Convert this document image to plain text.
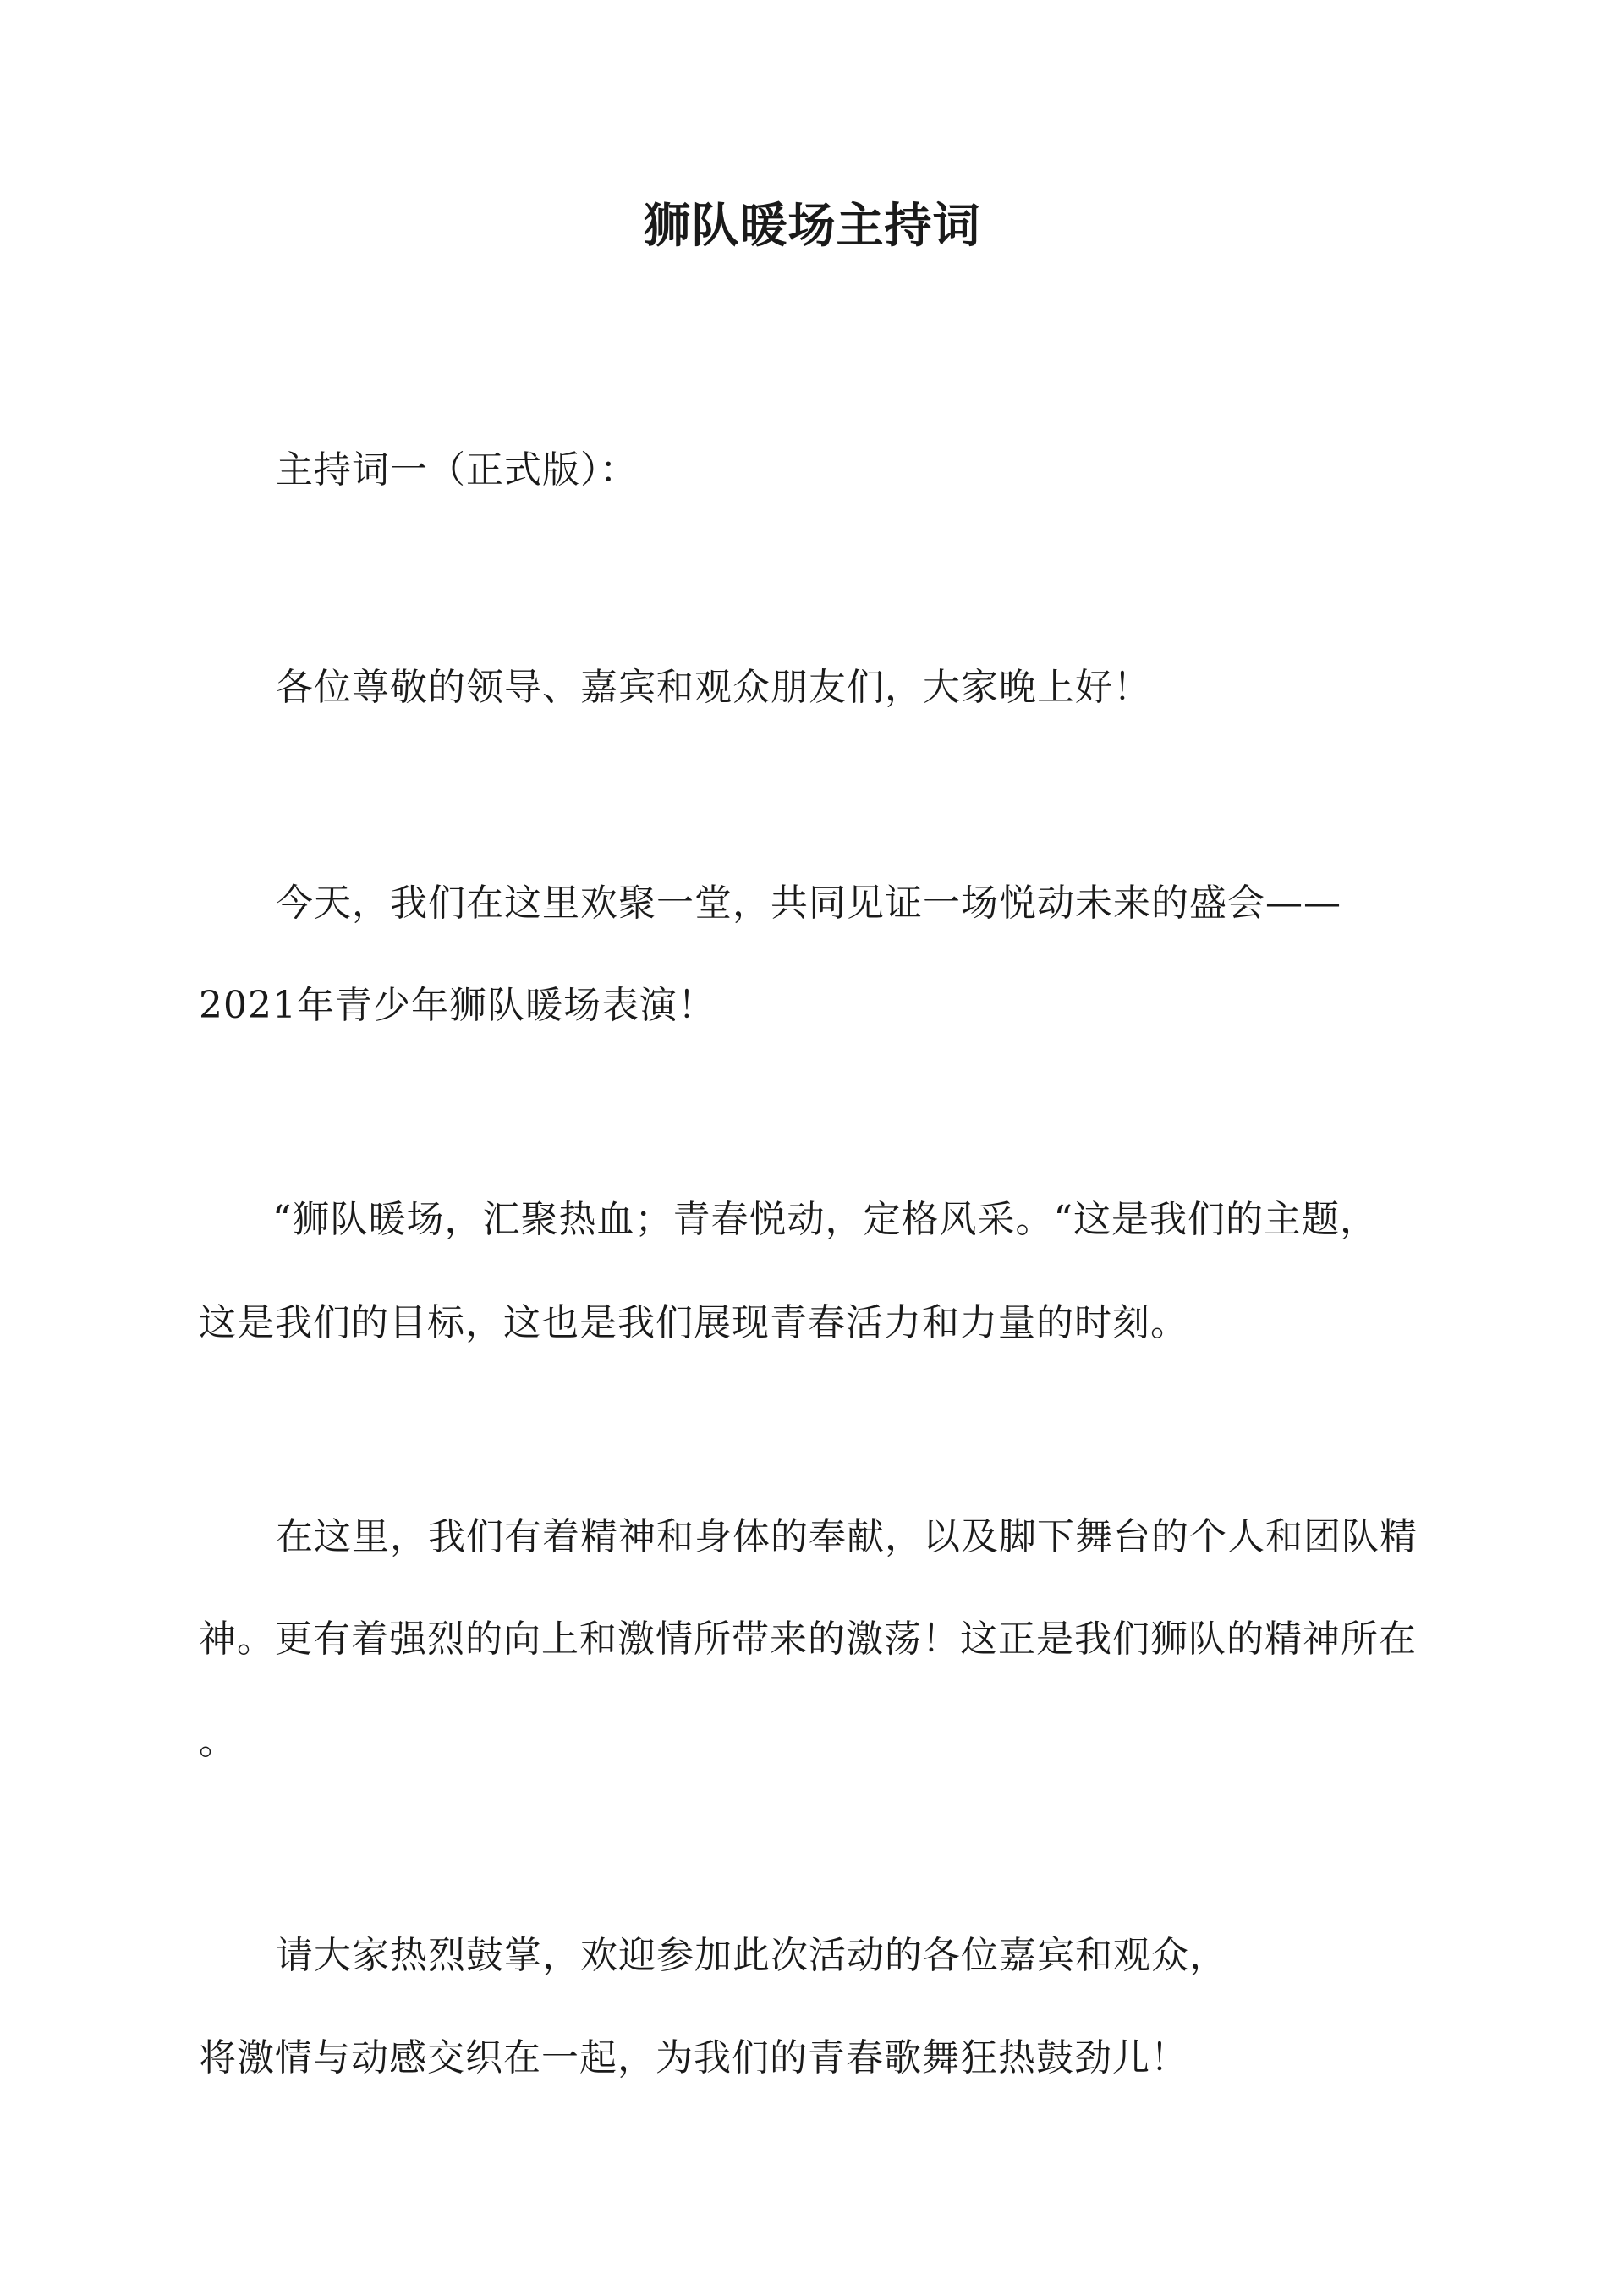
狮队暖场主持词
主持词一（正式版）：
各位尊敬的领导、嘉宾和观众朋友们，大家晚上好！
今天，我们在这里欢聚一堂，共同见证一场悦动未来的盛会——
2021年青少年狮队暖场表演！
“狮队暖场，汇聚热血；青春悦动，定格风采。“这是我们的主题，
这是我们的目标，这也是我们展现青春活力和力量的时刻。
在这里，我们有着精神和身体的奉献，以及脚下舞台的个人和团队精
神。更有着强烈的向上和激情所带来的激荡！这正是我们狮队的精神所在
。
请大家热烈鼓掌，欢迎参加此次活动的各位嘉宾和观众，
将激情与动感交织在一起，为我们的青春歌舞狂热鼓劲儿！
